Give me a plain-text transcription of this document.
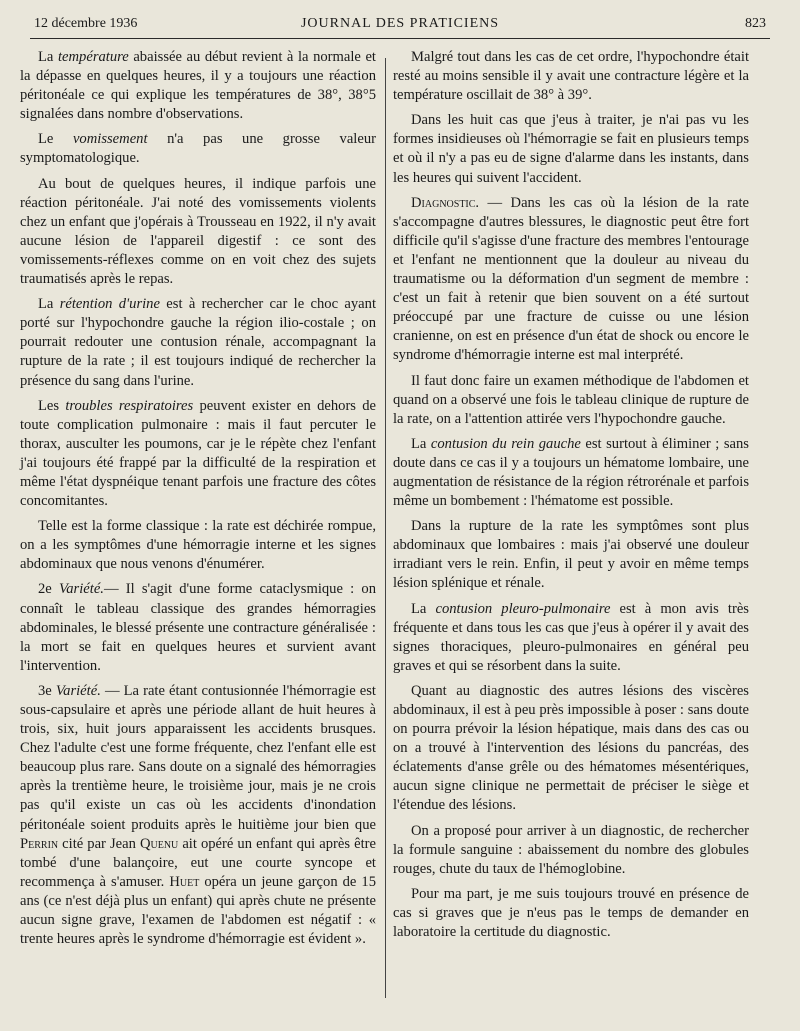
12 décembre 1936	JOURNAL DES PRATICIENS	823

La température abaissée au début revient à la normale et la dépasse en quelques heures, il y a toujours une réaction péritonéale ce qui explique les températures de 38°, 38°5 signalées dans nombre d'observations.

Le vomissement n'a pas une grosse valeur symptomatologique.

Au bout de quelques heures, il indique parfois une réaction péritonéale. J'ai noté des vomissements violents chez un enfant que j'opérais à Trousseau en 1922, il n'y avait aucune lésion de l'appareil digestif : ce sont des vomissements-réflexes comme on en voit chez des sujets traumatisés après le repas.

La rétention d'urine est à rechercher car le choc ayant porté sur l'hypochondre gauche la région ilio-costale ; on pourrait redouter une contusion rénale, accompagnant la rupture de la rate ; il est toujours indiqué de rechercher la présence du sang dans l'urine.

Les troubles respiratoires peuvent exister en dehors de toute complication pulmonaire : mais il faut percuter le thorax, ausculter les poumons, car je le répète chez l'enfant j'ai toujours été frappé par la difficulté de la respiration et même l'état dyspnéique tenant parfois une fracture des côtes concomitantes.

Telle est la forme classique : la rate est déchirée rompue, on a les symptômes d'une hémorragie interne et les signes abdominaux que nous venons d'énumérer.

2e Variété.— Il s'agit d'une forme cataclysmique : on connaît le tableau classique des grandes hémorragies abdominales, le blessé présente une contracture généralisée : la mort se fait en quelques heures et survient avant l'intervention.

3e Variété. — La rate étant contusionnée l'hémorragie est sous-capsulaire et après une période allant de huit heures à trois, six, huit jours apparaissent les accidents brusques. Chez l'adulte c'est une forme fréquente, chez l'enfant elle est beaucoup plus rare. Sans doute on a signalé des hémorragies après la trentième heure, le troisième jour, mais je ne crois pas qu'il existe un cas où les accidents d'inondation péritonéale soient produits après le huitième jour bien que Perrin cité par Jean Quenu ait opéré un enfant qui après être tombé d'une balançoire, eut une courte syncope et recommença à s'amuser. Huet opéra un jeune garçon de 15 ans (ce n'est déjà plus un enfant) qui après chute ne présente aucun signe grave, l'examen de l'abdomen est négatif : « trente heures après le syndrome d'hémorragie est évident ».

Malgré tout dans les cas de cet ordre, l'hypochondre était resté au moins sensible il y avait une contracture légère et la température oscillait de 38° à 39°.

Dans les huit cas que j'eus à traiter, je n'ai pas vu les formes insidieuses où l'hémorragie se fait en plusieurs temps et où il n'y a pas eu de signe d'alarme dans les instants, dans les heures qui suivent l'accident.

Diagnostic. — Dans les cas où la lésion de la rate s'accompagne d'autres blessures, le diagnostic peut être fort difficile qu'il s'agisse d'une fracture des membres l'entourage et l'enfant ne mentionnent que la douleur au niveau du traumatisme ou la déformation d'un segment de membre : c'est un fait à retenir que bien souvent on a été surtout préoccupé par une fracture de cuisse ou une lésion cranienne, on est en présence d'un état de shock ou encore le syndrome d'hémorragie interne est mal interprété.

Il faut donc faire un examen méthodique de l'abdomen et quand on a observé une fois le tableau clinique de rupture de la rate, on a l'attention attirée vers l'hypochondre gauche.

La contusion du rein gauche est surtout à éliminer ; sans doute dans ce cas il y a toujours un hématome lombaire, une augmentation de résistance de la région rétrorénale et parfois même un bombement : l'hématome est possible.

Dans la rupture de la rate les symptômes sont plus abdominaux que lombaires : mais j'ai observé une douleur irradiant vers le rein. Enfin, il peut y avoir en même temps lésion splénique et rénale.

La contusion pleuro-pulmonaire est à mon avis très fréquente et dans tous les cas que j'eus à opérer il y avait des signes thoraciques, pleuro-pulmonaires en général peu graves et qui se résorbent dans la suite.

Quant au diagnostic des autres lésions des viscères abdominaux, il est à peu près impossible à poser : sans doute on pourra prévoir la lésion hépatique, mais dans des cas ou on a trouvé à l'intervention des lésions du pancréas, des éclatements d'anse grêle ou des hématomes mésentériques, aucun signe clinique ne permettait de préciser le siège et l'étendue des lésions.

On a proposé pour arriver à un diagnostic, de rechercher la formule sanguine : abaissement du nombre des globules rouges, chute du taux de l'hémoglobine.

Pour ma part, je me suis toujours trouvé en présence de cas si graves que je n'eus pas le temps de demander en laboratoire la certitude du diagnostic.
